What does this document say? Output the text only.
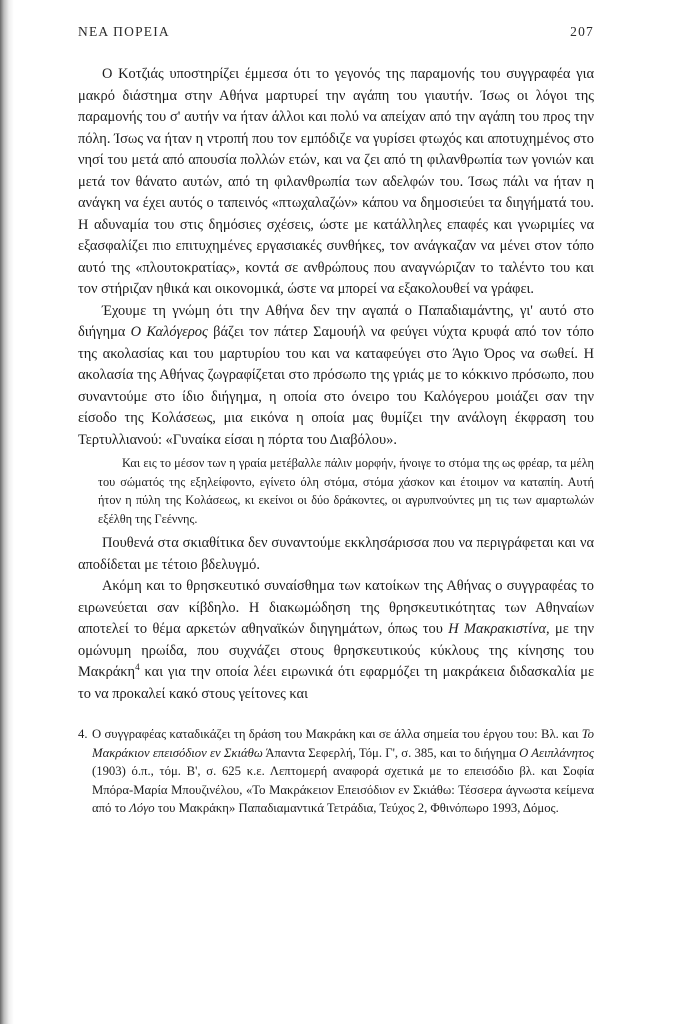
ΝΕΑ ΠΟΡΕΙΑ	207

Ο Κοτζιάς υποστηρίζει έμμεσα ότι το γεγονός της παραμονής του συγγραφέα για μακρό διάστημα στην Αθήνα μαρτυρεί την αγάπη του γιαυτήν. Ίσως οι λόγοι της παραμονής του σ' αυτήν να ήταν άλλοι και πολύ να απείχαν από την αγάπη του προς την πόλη. Ίσως να ήταν η ντροπή που τον εμπόδιζε να γυρίσει φτωχός και αποτυχημένος στο νησί του μετά από απουσία πολλών ετών, και να ζει από τη φιλανθρωπία των γονιών και μετά τον θάνατο αυτών, από τη φιλανθρωπία των αδελφών του. Ίσως πάλι να ήταν η ανάγκη να έχει αυτός ο ταπεινός «πτωχαλαζών» κάπου να δημοσιεύει τα διηγήματά του. Η αδυναμία του στις δημόσιες σχέσεις, ώστε με κατάλληλες επαφές και γνωριμίες να εξασφαλίζει πιο επιτυχημένες εργασιακές συνθήκες, τον ανάγκαζαν να μένει στον τόπο αυτό της «πλουτοκρατίας», κοντά σε ανθρώπους που αναγνώριζαν το ταλέντο του και τον στήριζαν ηθικά και οικονομικά, ώστε να μπορεί να εξακολουθεί να γράφει.

Έχουμε τη γνώμη ότι την Αθήνα δεν την αγαπά ο Παπαδιαμάντης, γι' αυτό στο διήγημα Ο Καλόγερος βάζει τον πάτερ Σαμουήλ να φεύγει νύχτα κρυφά από τον τόπο της ακολασίας και του μαρτυρίου του και να καταφεύγει στο Άγιο Όρος να σωθεί. Η ακολασία της Αθήνας ζωγραφίζεται στο πρόσωπο της γριάς με το κόκκινο πρόσωπο, που συναντούμε στο ίδιο διήγημα, η οποία στο όνειρο του Καλόγερου μοιάζει σαν την είσοδο της Κολάσεως, μια εικόνα η οποία μας θυμίζει την ανάλογη έκφραση του Τερτυλλιανού: «Γυναίκα είσαι η πόρτα του Διαβόλου».

Και εις το μέσον των η γραία μετέβαλλε πάλιν μορφήν, ήνοιγε το στόμα της ως φρέαρ, τα μέλη του σώματός της εξηλείφοντο, εγίνετο όλη στόμα, στόμα χάσκον και έτοιμον να καταπίη. Αυτή ήτον η πύλη της Κολάσεως, κι εκείνοι οι δύο δράκοντες, οι αγρυπνούντες μη τις των αμαρτωλών εξέλθη της Γεέννης.

Πουθενά στα σκιαθίτικα δεν συναντούμε εκκλησάρισσα που να περιγράφεται και να αποδίδεται με τέτοιο βδελυγμό.

Ακόμη και το θρησκευτικό συναίσθημα των κατοίκων της Αθήνας ο συγγραφέας το ειρωνεύεται σαν κίβδηλο. Η διακωμώδηση της θρησκευτικότητας των Αθηναίων αποτελεί το θέμα αρκετών αθηναϊκών διηγημάτων, όπως του Η Μακρακιστίνα, με την ομώνυμη ηρωίδα, που συχνάζει στους θρησκευτικούς κύκλους της κίνησης του Μακράκη$^4$ και για την οποία λέει ειρωνικά ότι εφαρμόζει τη μακράκεια διδασκαλία με το να προκαλεί κακό στους γείτονες και

4. Ο συγγραφέας καταδικάζει τη δράση του Μακράκη και σε άλλα σημεία του έργου του: Βλ. και Το Μακράκιον επεισόδιον εν Σκιάθω Άπαντα Σεφερλή, Τόμ. Γ', σ. 385, και το διήγημα Ο Αειπλάνητος (1903) ό.π., τόμ. Β', σ. 625 κ.ε. Λεπτομερή αναφορά σχετικά με το επεισόδιο βλ. και Σοφία Μπόρα-Μαρία Μπουζινέλου, «Το Μακράκειον Επεισόδιον εν Σκιάθω: Τέσσερα άγνωστα κείμενα από το Λόγο του Μακράκη» Παπαδιαμαντικά Τετράδια, Τεύχος 2, Φθινόπωρο 1993, Δόμος.
